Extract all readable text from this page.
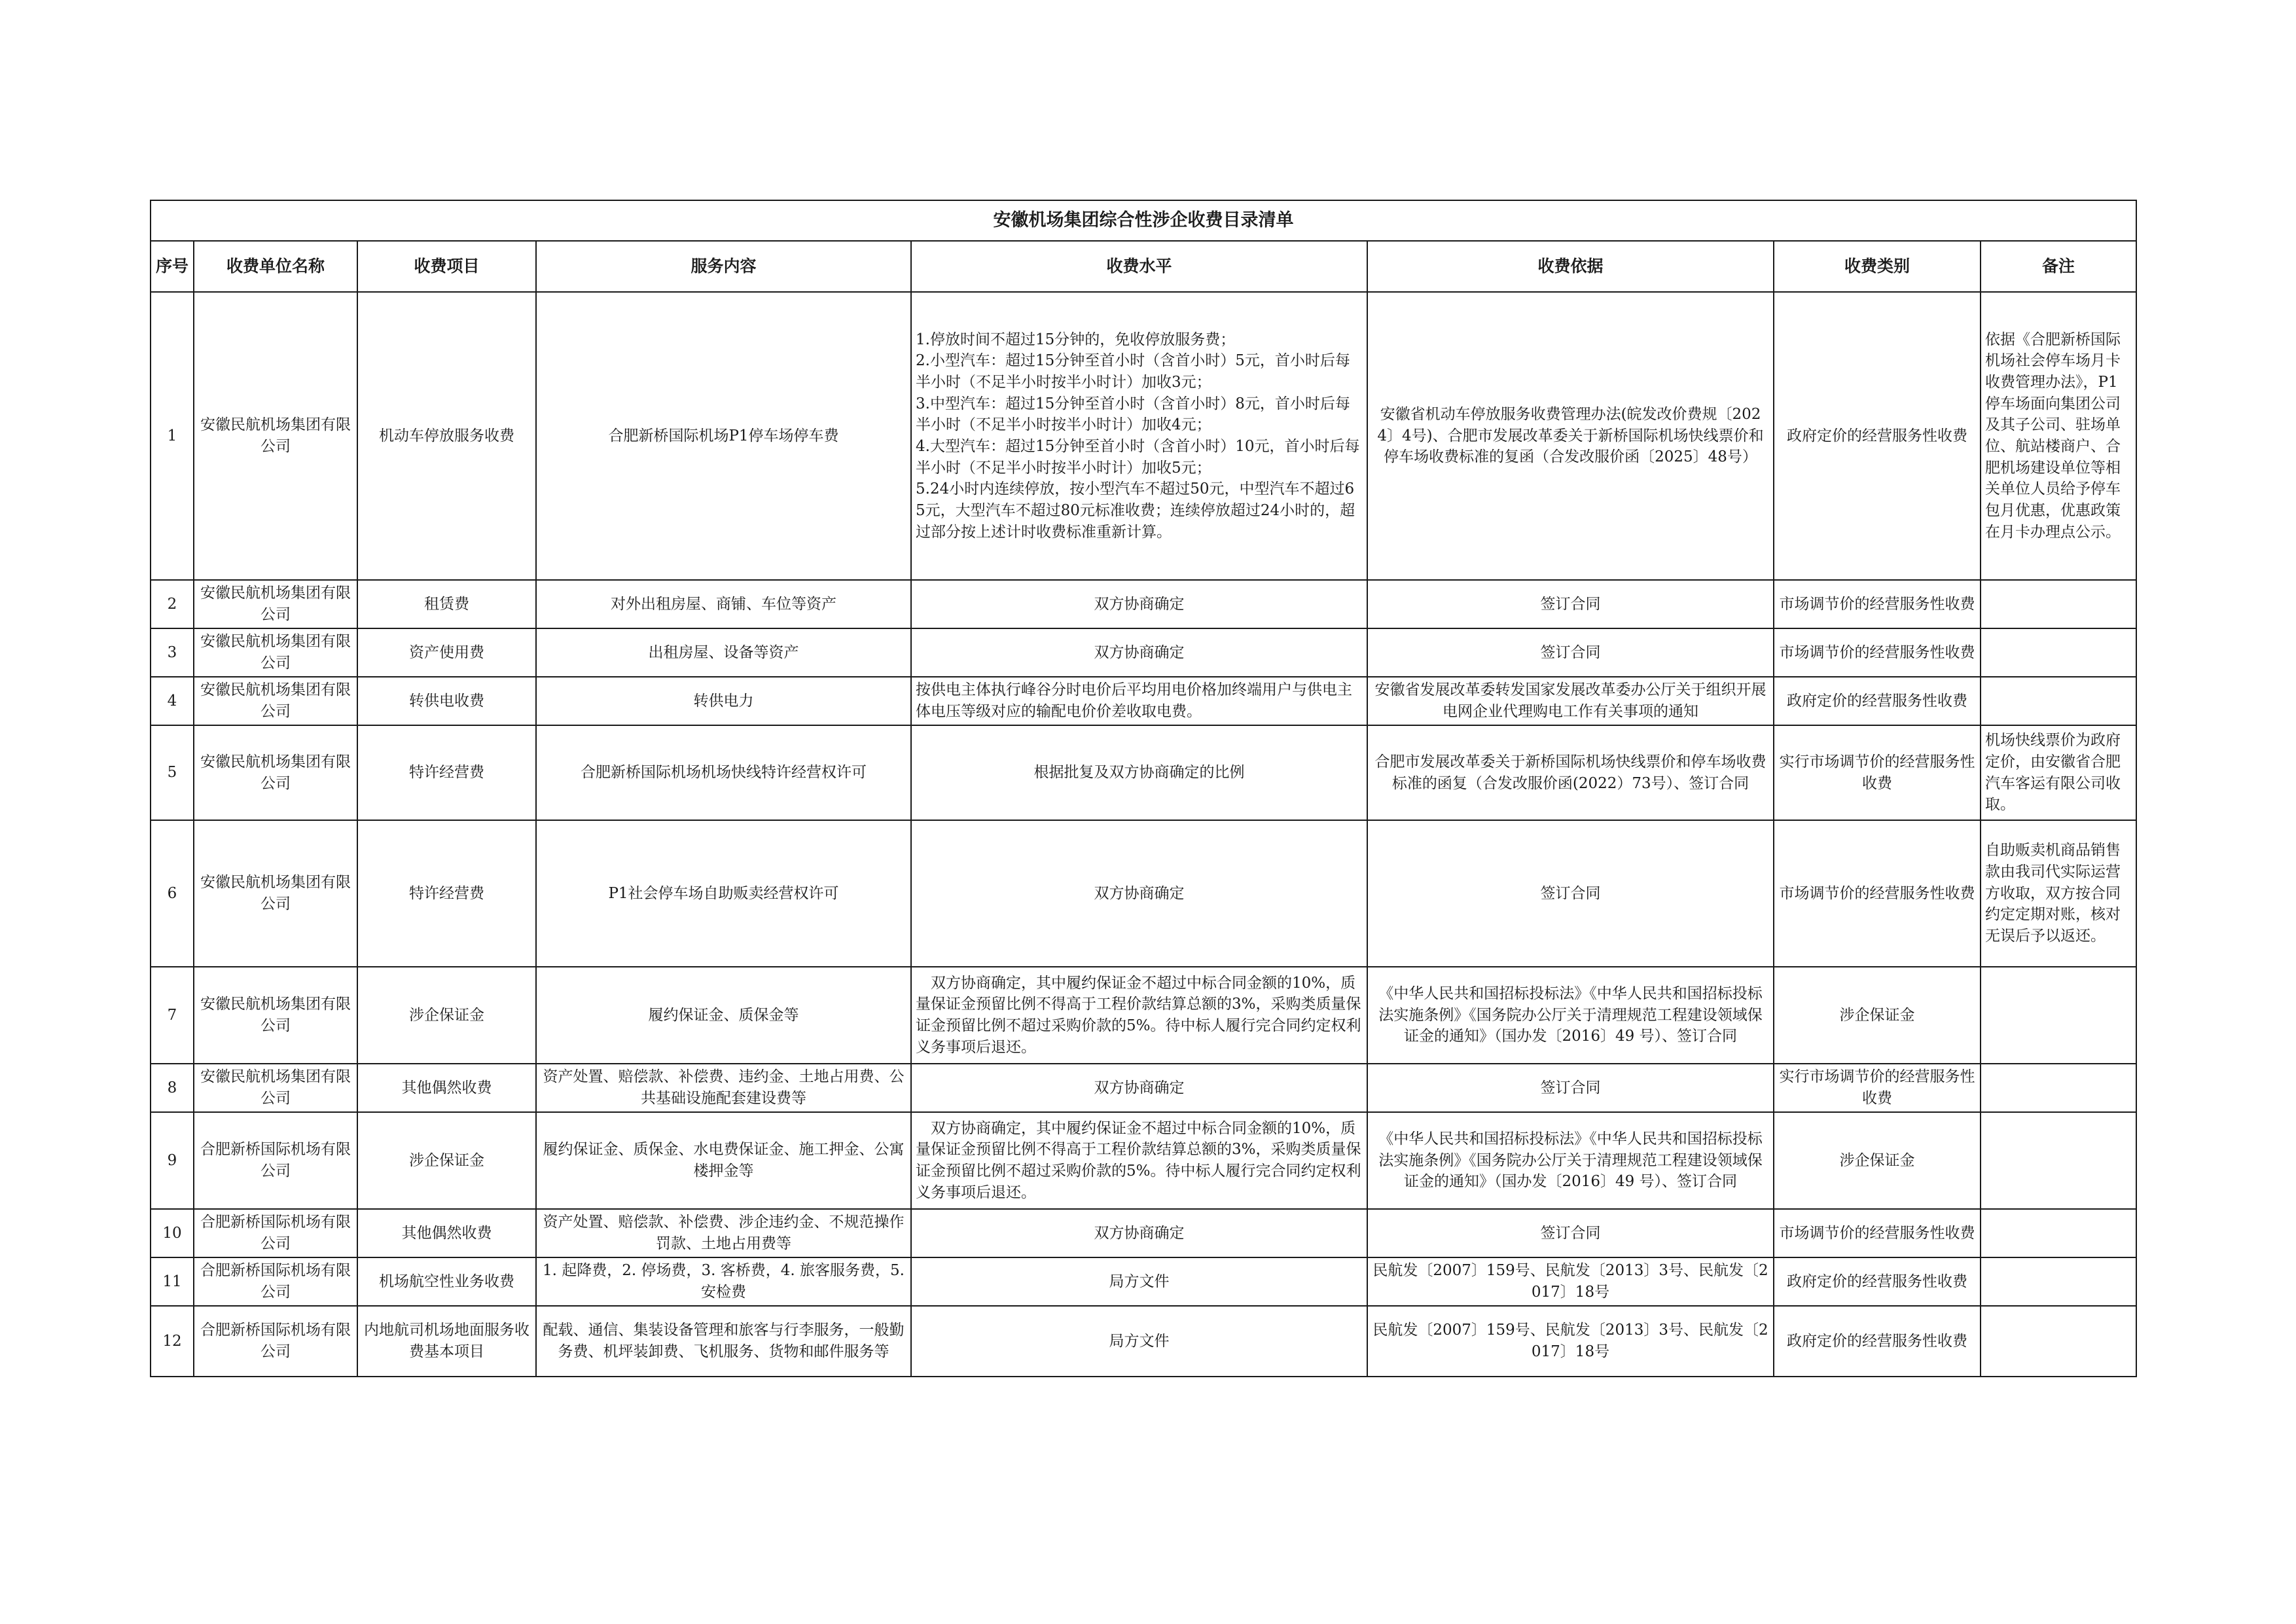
安徽机场集团综合性涉企收费目录清单							
序号	收费单位名称	收费项目	服务内容	收费水平	收费依据	收费类别	备注
1	安徽民航机场集团有限公司	机动车停放服务收费	合肥新桥国际机场P1停车场停车费	1.停放时间不超过15分钟的，免收停放服务费；
2.小型汽车：超过15分钟至首小时（含首小时）5元，首小时后每半小时（不足半小时按半小时计）加收3元；
3.中型汽车：超过15分钟至首小时（含首小时）8元，首小时后每半小时（不足半小时按半小时计）加收4元；
4.大型汽车：超过15分钟至首小时（含首小时）10元，首小时后每半小时（不足半小时按半小时计）加收5元；
5.24小时内连续停放，按小型汽车不超过50元，中型汽车不超过65元，大型汽车不超过80元标准收费；连续停放超过24小时的，超过部分按上述计时收费标准重新计算。	安徽省机动车停放服务收费管理办法(皖发改价费规〔2024〕4号)、合肥市发展改革委关于新桥国际机场快线票价和停车场收费标准的复函（合发改服价函〔2025〕48号）	政府定价的经营服务性收费	依据《合肥新桥国际机场社会停车场月卡收费管理办法》，P1停车场面向集团公司及其子公司、驻场单位、航站楼商户、合肥机场建设单位等相关单位人员给予停车包月优惠，优惠政策在月卡办理点公示。
2	安徽民航机场集团有限公司	租赁费	对外出租房屋、商铺、车位等资产	双方协商确定	签订合同	市场调节价的经营服务性收费	
3	安徽民航机场集团有限公司	资产使用费	出租房屋、设备等资产	双方协商确定	签订合同	市场调节价的经营服务性收费	
4	安徽民航机场集团有限公司	转供电收费	转供电力	按供电主体执行峰谷分时电价后平均用电价格加终端用户与供电主体电压等级对应的输配电价价差收取电费。	安徽省发展改革委转发国家发展改革委办公厅关于组织开展电网企业代理购电工作有关事项的通知	政府定价的经营服务性收费	
5	安徽民航机场集团有限公司	特许经营费	合肥新桥国际机场机场快线特许经营权许可	根据批复及双方协商确定的比例	合肥市发展改革委关于新桥国际机场快线票价和停车场收费标准的函复（合发改服价函(2022）73号）、签订合同	实行市场调节价的经营服务性收费	机场快线票价为政府定价，由安徽省合肥汽车客运有限公司收取。
6	安徽民航机场集团有限公司	特许经营费	P1社会停车场自助贩卖经营权许可	双方协商确定	签订合同	市场调节价的经营服务性收费	自助贩卖机商品销售款由我司代实际运营方收取，双方按合同约定定期对账，核对无误后予以返还。
7	安徽民航机场集团有限公司	涉企保证金	履约保证金、质保金等	　双方协商确定，其中履约保证金不超过中标合同金额的10%，质量保证金预留比例不得高于工程价款结算总额的3%，采购类质量保证金预留比例不超过采购价款的5%。待中标人履行完合同约定权利义务事项后退还。	《中华人民共和国招标投标法》《中华人民共和国招标投标法实施条例》《国务院办公厅关于清理规范工程建设领域保证金的通知》（国办发〔2016〕49 号）、签订合同	涉企保证金	
8	安徽民航机场集团有限公司	其他偶然收费	资产处置、赔偿款、补偿费、违约金、土地占用费、公共基础设施配套建设费等	双方协商确定	签订合同	实行市场调节价的经营服务性收费	
9	合肥新桥国际机场有限公司	涉企保证金	履约保证金、质保金、水电费保证金、施工押金、公寓楼押金等	　双方协商确定，其中履约保证金不超过中标合同金额的10%，质量保证金预留比例不得高于工程价款结算总额的3%，采购类质量保证金预留比例不超过采购价款的5%。待中标人履行完合同约定权利义务事项后退还。	《中华人民共和国招标投标法》《中华人民共和国招标投标法实施条例》《国务院办公厅关于清理规范工程建设领域保证金的通知》（国办发〔2016〕49 号）、签订合同	涉企保证金	
10	合肥新桥国际机场有限公司	其他偶然收费	资产处置、赔偿款、补偿费、涉企违约金、不规范操作罚款、土地占用费等	双方协商确定	签订合同	市场调节价的经营服务性收费	
11	合肥新桥国际机场有限公司	机场航空性业务收费	1. 起降费，2. 停场费，3. 客桥费，4. 旅客服务费，5. 安检费	局方文件	民航发〔2007〕159号、民航发〔2013〕3号、民航发〔2017〕18号	政府定价的经营服务性收费	
12	合肥新桥国际机场有限公司	内地航司机场地面服务收费基本项目	配载、通信、集装设备管理和旅客与行李服务，一般勤务费、机坪装卸费、飞机服务、货物和邮件服务等	局方文件	民航发〔2007〕159号、民航发〔2013〕3号、民航发〔2017〕18号	政府定价的经营服务性收费	
